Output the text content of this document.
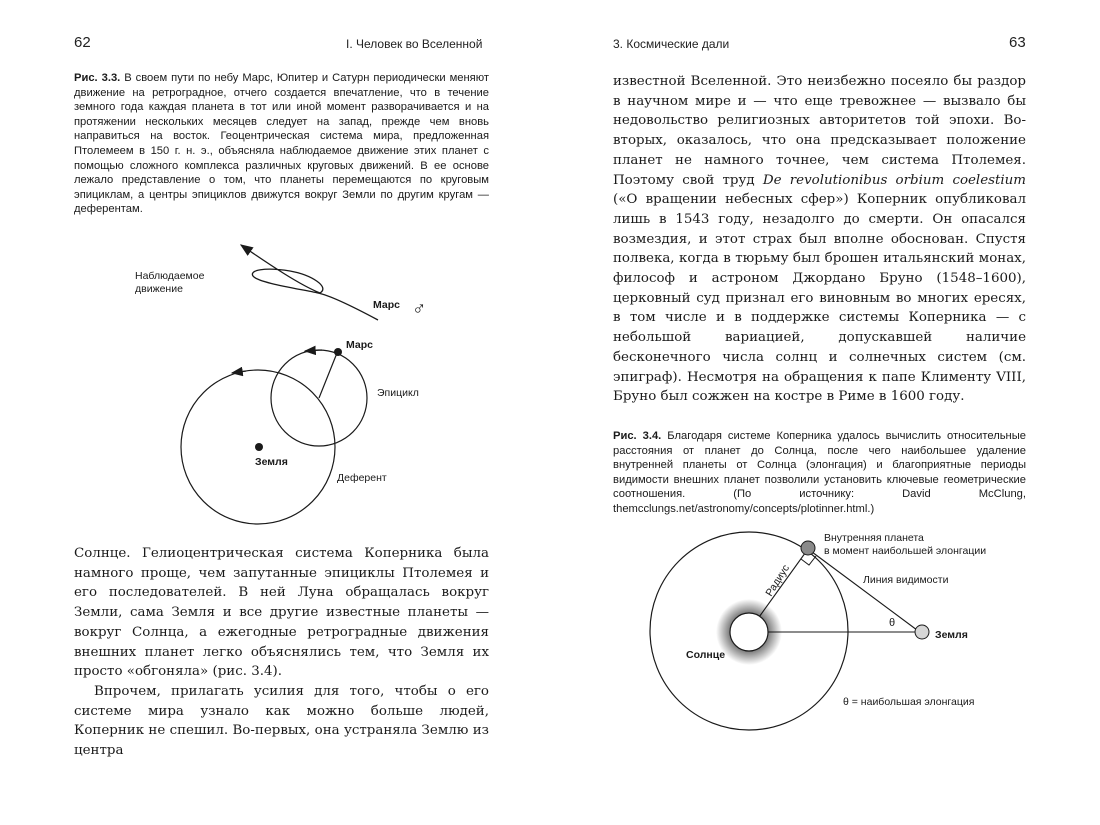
62	I. Человек во Вселенной

Рис. 3.3. В своем пути по небу Марс, Юпитер и Сатурн периодически меняют движение на ретроградное, отчего создается впечатление, что в течение земного года каждая планета в тот или иной момент разворачивается и на протяжении нескольких месяцев следует на запад, прежде чем вновь направиться на восток. Геоцентрическая система мира, предложенная Птолемеем в 150 г. н. э., объясняла наблюдаемое движение этих планет с помощью сложного комплекса различных круговых движений. В ее основе лежало представление о том, что планеты перемещаются по круговым эпициклам, а центры эпициклов движутся вокруг Земли по другим кругам — деферентам.

Наблюдаемое
движение
Марс ♂
Марс
Эпицикл
Земля
Деферент

Солнце. Гелиоцентрическая система Коперника была намного проще, чем запутанные эпициклы Птолемея и его последователей. В ней Луна обращалась вокруг Земли, сама Земля и все другие известные планеты — вокруг Солнца, а ежегодные ретроградные движения внешних планет легко объяснялись тем, что Земля их просто «обгоняла» (рис. 3.4).

Впрочем, прилагать усилия для того, чтобы о его системе мира узнало как можно больше людей, Коперник не спешил. Во-первых, она устраняла Землю из центра

3. Космические дали	63

известной Вселенной. Это неизбежно посеяло бы раздор в научном мире и — что еще тревожнее — вызвало бы недовольство религиозных авторитетов той эпохи. Во-вторых, оказалось, что она предсказывает положение планет не намного точнее, чем система Птолемея. Поэтому свой труд De revolutionibus orbium coelestium («О вращении небесных сфер») Коперник опубликовал лишь в 1543 году, незадолго до смерти. Он опасался возмездия, и этот страх был вполне обоснован. Спустя полвека, когда в тюрьму был брошен итальянский монах, философ и астроном Джордано Бруно (1548–1600), церковный суд признал его виновным во многих ересях, в том числе и в поддержке системы Коперника — с небольшой вариацией, допускавшей наличие бесконечного числа солнц и солнечных систем (см. эпиграф). Несмотря на обращения к папе Клименту VIII, Бруно был сожжен на костре в Риме в 1600 году.

Рис. 3.4. Благодаря системе Коперника удалось вычислить относительные расстояния от планет до Солнца, после чего наибольшее удаление внутренней планеты от Солнца (элонгация) и благоприятные периоды видимости внешних планет позволили установить ключевые геометрические соотношения. (По источнику: David McClung, themcclungs.net/astronomy/concepts/plotinner.html.)

Внутренняя планета
в момент наибольшей элонгации
Радиус	Линия видимости
θ
Земля
Солнце
θ = наибольшая элонгация
